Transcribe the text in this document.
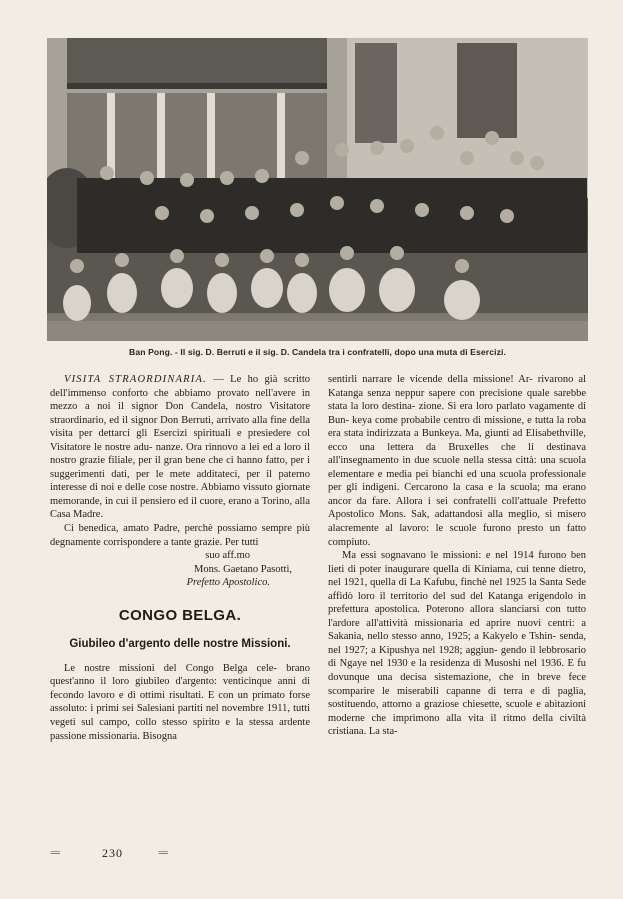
Ban Pong. - Il sig. D. Berruti e il sig. D. Candela tra i confratelli, dopo una muta di Esercizi.

VISITA STRAORDINARIA. — Le ho già scritto dell'immenso conforto che abbiamo provato nell'avere in mezzo a noi il signor Don Candela, nostro Visitatore straordinario, ed il signor Don Berruti, arrivato alla fine della visita per dettarci gli Esercizi spirituali e presiedere col Visitatore le nostre adu- nanze. Ora rinnovo a lei ed a loro il nostro grazie filiale, per il gran bene che ci hanno fatto, per i suggerimenti dati, per le mete additateci, per il paterno interesse di noi e delle cose nostre. Abbiamo vissuto giornate memorande, in cui il pensiero ed il cuore, erano a Torino, alla Casa Madre.

Ci benedica, amato Padre, perchè possiamo sempre più degnamente corrispondere a tante grazie. Per tutti

suo aff.mo

Mons. Gaetano Pasotti,

Prefetto Apostolico.

CONGO BELGA.
Giubileo d'argento delle nostre Missioni.

Le nostre missioni del Congo Belga cele- brano quest'anno il loro giubileo d'argento: venticinque anni di fecondo lavoro e di ottimi risultati. E con un primato forse assoluto: i primi sei Salesiani partiti nel novembre 1911, tutti vegeti sul campo, collo stesso spirito e la stessa ardente passione missionaria. Bisogna

sentirli narrare le vicende della missione! Ar- rivarono al Katanga senza neppur sapere con precisione quale sarebbe stata la loro destina- zione. Si era loro parlato vagamente di Bun- keya come probabile centro di missione, e tutta la roba era stata indirizzata a Bunkeya. Ma, giunti ad Elisabethville, ecco una lettera da Bruxelles che li destinava all'insegnamento in due scuole nella stessa città: una scuola elementare e media pei bianchi ed una scuola professionale per gli indigeni. Cercarono la casa e la scuola; ma erano ancor da fare. Allora i sei confratelli coll'attuale Prefetto Apostolico Mons. Sak, adattandosi alla meglio, si misero alacremente al lavoro: le scuole furono presto un fatto compiuto.

Ma essi sognavano le missioni: e nel 1914 furono ben lieti di poter inaugurare quella di Kiniama, cui tenne dietro, nel 1921, quella di La Kafubu, finchè nel 1925 la Santa Sede affidò loro il territorio del sud del Katanga erigendolo in prefettura apostolica. Poterono allora slanciarsi con tutto l'ardore all'attività missionaria ed aprire nuovi centri: a Sakania, nello stesso anno, 1925; a Kakyelo e Tshin- senda, nel 1927; a Kipushya nel 1928; aggiun- gendo il lebbrosario di Ngaye nel 1930 e la residenza di Musoshi nel 1936. E fu dovunque una decisa sistemazione, che in breve fece scomparire le miserabili capanne di terra e di paglia, sostituendo, attorno a graziose chiesette, scuole e abitazioni moderne che imprimono alla vita il ritmo della civiltà cristiana. La sta-

==	230	==
